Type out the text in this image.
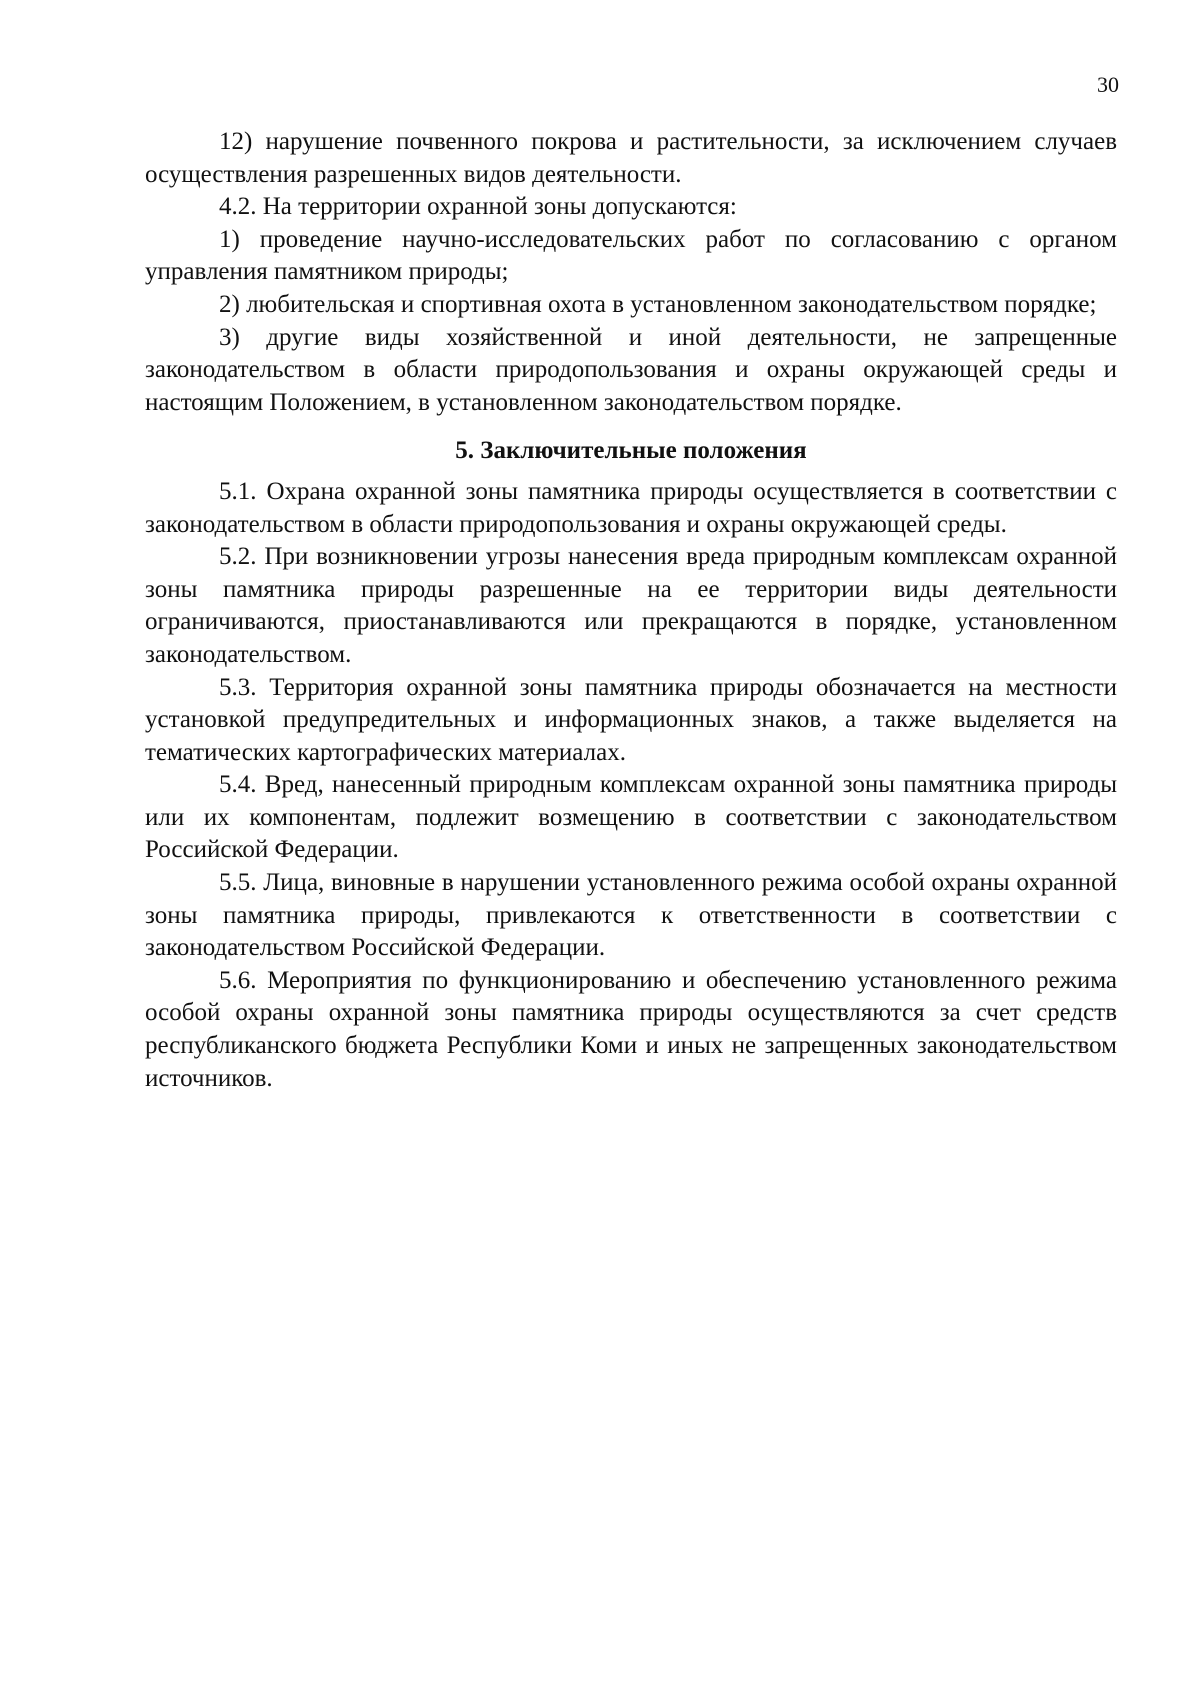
30

12) нарушение почвенного покрова и растительности, за исключением случаев осуществления разрешенных видов деятельности.

4.2. На территории охранной зоны допускаются:

1) проведение научно-исследовательских работ по согласованию с органом управления памятником природы;

2) любительская и спортивная охота в установленном законодательством порядке;

3) другие виды хозяйственной и иной деятельности, не запрещенные законодательством в области природопользования и охраны окружающей среды и настоящим Положением, в установленном законодательством порядке.

5. Заключительные положения

5.1. Охрана охранной зоны памятника природы осуществляется в соответствии с законодательством в области природопользования и охраны окружающей среды.

5.2. При возникновении угрозы нанесения вреда природным комплексам охранной зоны памятника природы разрешенные на ее территории виды деятельности ограничиваются, приостанавливаются или прекращаются в порядке, установленном законодательством.

5.3. Территория охранной зоны памятника природы обозначается на местности установкой предупредительных и информационных знаков, а также выделяется на тематических картографических материалах.

5.4. Вред, нанесенный природным комплексам охранной зоны памятника природы или их компонентам, подлежит возмещению в соответствии с законодательством Российской Федерации.

5.5. Лица, виновные в нарушении установленного режима особой охраны охранной зоны памятника природы, привлекаются к ответственности в соответствии с законодательством Российской Федерации.

5.6. Мероприятия по функционированию и обеспечению установленного режима особой охраны охранной зоны памятника природы осуществляются за счет средств республиканского бюджета Республики Коми и иных не запрещенных законодательством источников.
